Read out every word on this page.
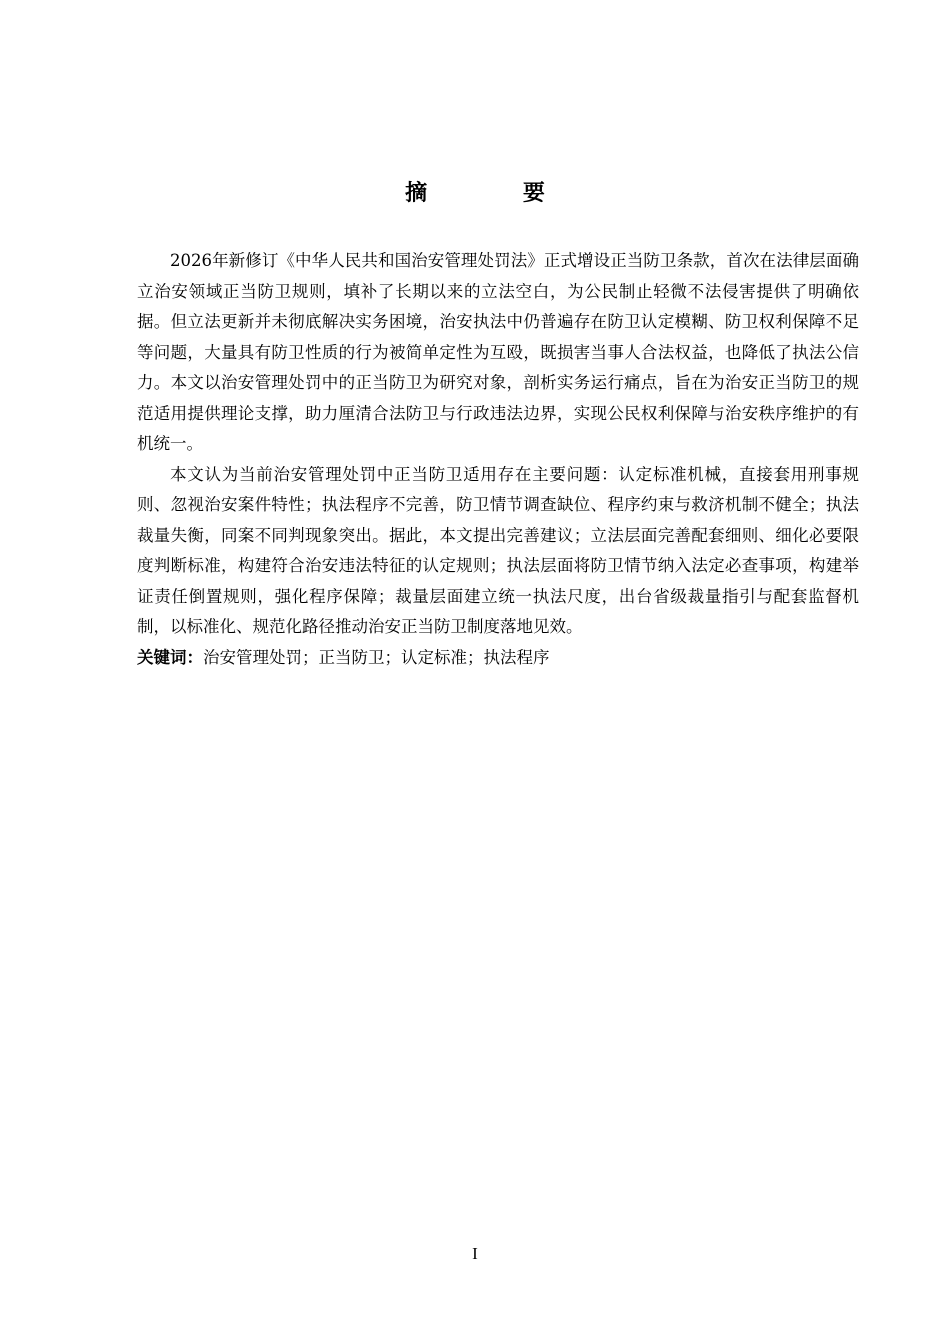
摘 要

2026年新修订《中华人民共和国治安管理处罚法》正式增设正当防卫条款，首次在法律层面确立治安领域正当防卫规则，填补了长期以来的立法空白，为公民制止轻微不法侵害提供了明确依据。但立法更新并未彻底解决实务困境，治安执法中仍普遍存在防卫认定模糊、防卫权利保障不足等问题，大量具有防卫性质的行为被简单定性为互殴，既损害当事人合法权益，也降低了执法公信力。本文以治安管理处罚中的正当防卫为研究对象，剖析实务运行痛点，旨在为治安正当防卫的规范适用提供理论支撑，助力厘清合法防卫与行政违法边界，实现公民权利保障与治安秩序维护的有机统一。

本文认为当前治安管理处罚中正当防卫适用存在主要问题：认定标准机械，直接套用刑事规则、忽视治安案件特性；执法程序不完善，防卫情节调查缺位、程序约束与救济机制不健全；执法裁量失衡，同案不同判现象突出。据此，本文提出完善建议；立法层面完善配套细则、细化必要限度判断标准，构建符合治安违法特征的认定规则；执法层面将防卫情节纳入法定必查事项，构建举证责任倒置规则，强化程序保障；裁量层面建立统一执法尺度，出台省级裁量指引与配套监督机制，以标准化、规范化路径推动治安正当防卫制度落地见效。

关键词：治安管理处罚；正当防卫；认定标准；执法程序

I
